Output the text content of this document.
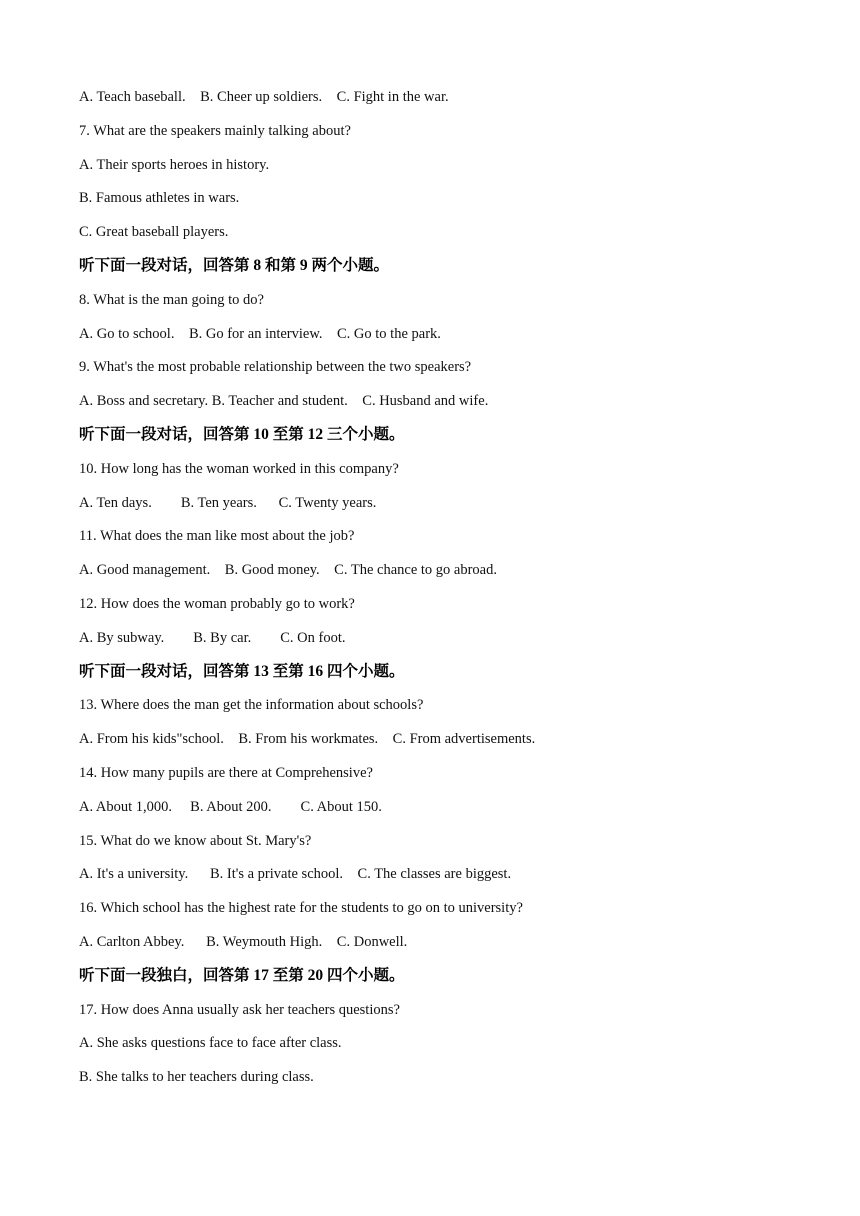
A. Teach baseball.    B. Cheer up soldiers.    C. Fight in the war.
7. What are the speakers mainly talking about?
A. Their sports heroes in history.
B. Famous athletes in wars.
C. Great baseball players.
听下面一段对话，回答第 8 和第 9 两个小题。
8. What is the man going to do?
A. Go to school.    B. Go for an interview.    C. Go to the park.
9. What's the most probable relationship between the two speakers?
A. Boss and secretary. B. Teacher and student.    C. Husband and wife.
听下面一段对话，回答第 10 至第 12 三个小题。
10. How long has the woman worked in this company?
A. Ten days.        B. Ten years.      C. Twenty years.
11. What does the man like most about the job?
A. Good management.    B. Good money.    C. The chance to go abroad.
12. How does the woman probably go to work?
A. By subway.        B. By car.        C. On foot.
听下面一段对话，回答第 13 至第 16 四个小题。
13. Where does the man get the information about schools?
A. From his kids"school.    B. From his workmates.    C. From advertisements.
14. How many pupils are there at Comprehensive?
A. About 1,000.     B. About 200.        C. About 150.
15. What do we know about St. Mary's?
A. It's a university.      B. It's a private school.    C. The classes are biggest.
16. Which school has the highest rate for the students to go on to university?
A. Carlton Abbey.      B. Weymouth High.    C. Donwell.
听下面一段独白，回答第 17 至第 20 四个小题。
17. How does Anna usually ask her teachers questions?
A. She asks questions face to face after class.
B. She talks to her teachers during class.
